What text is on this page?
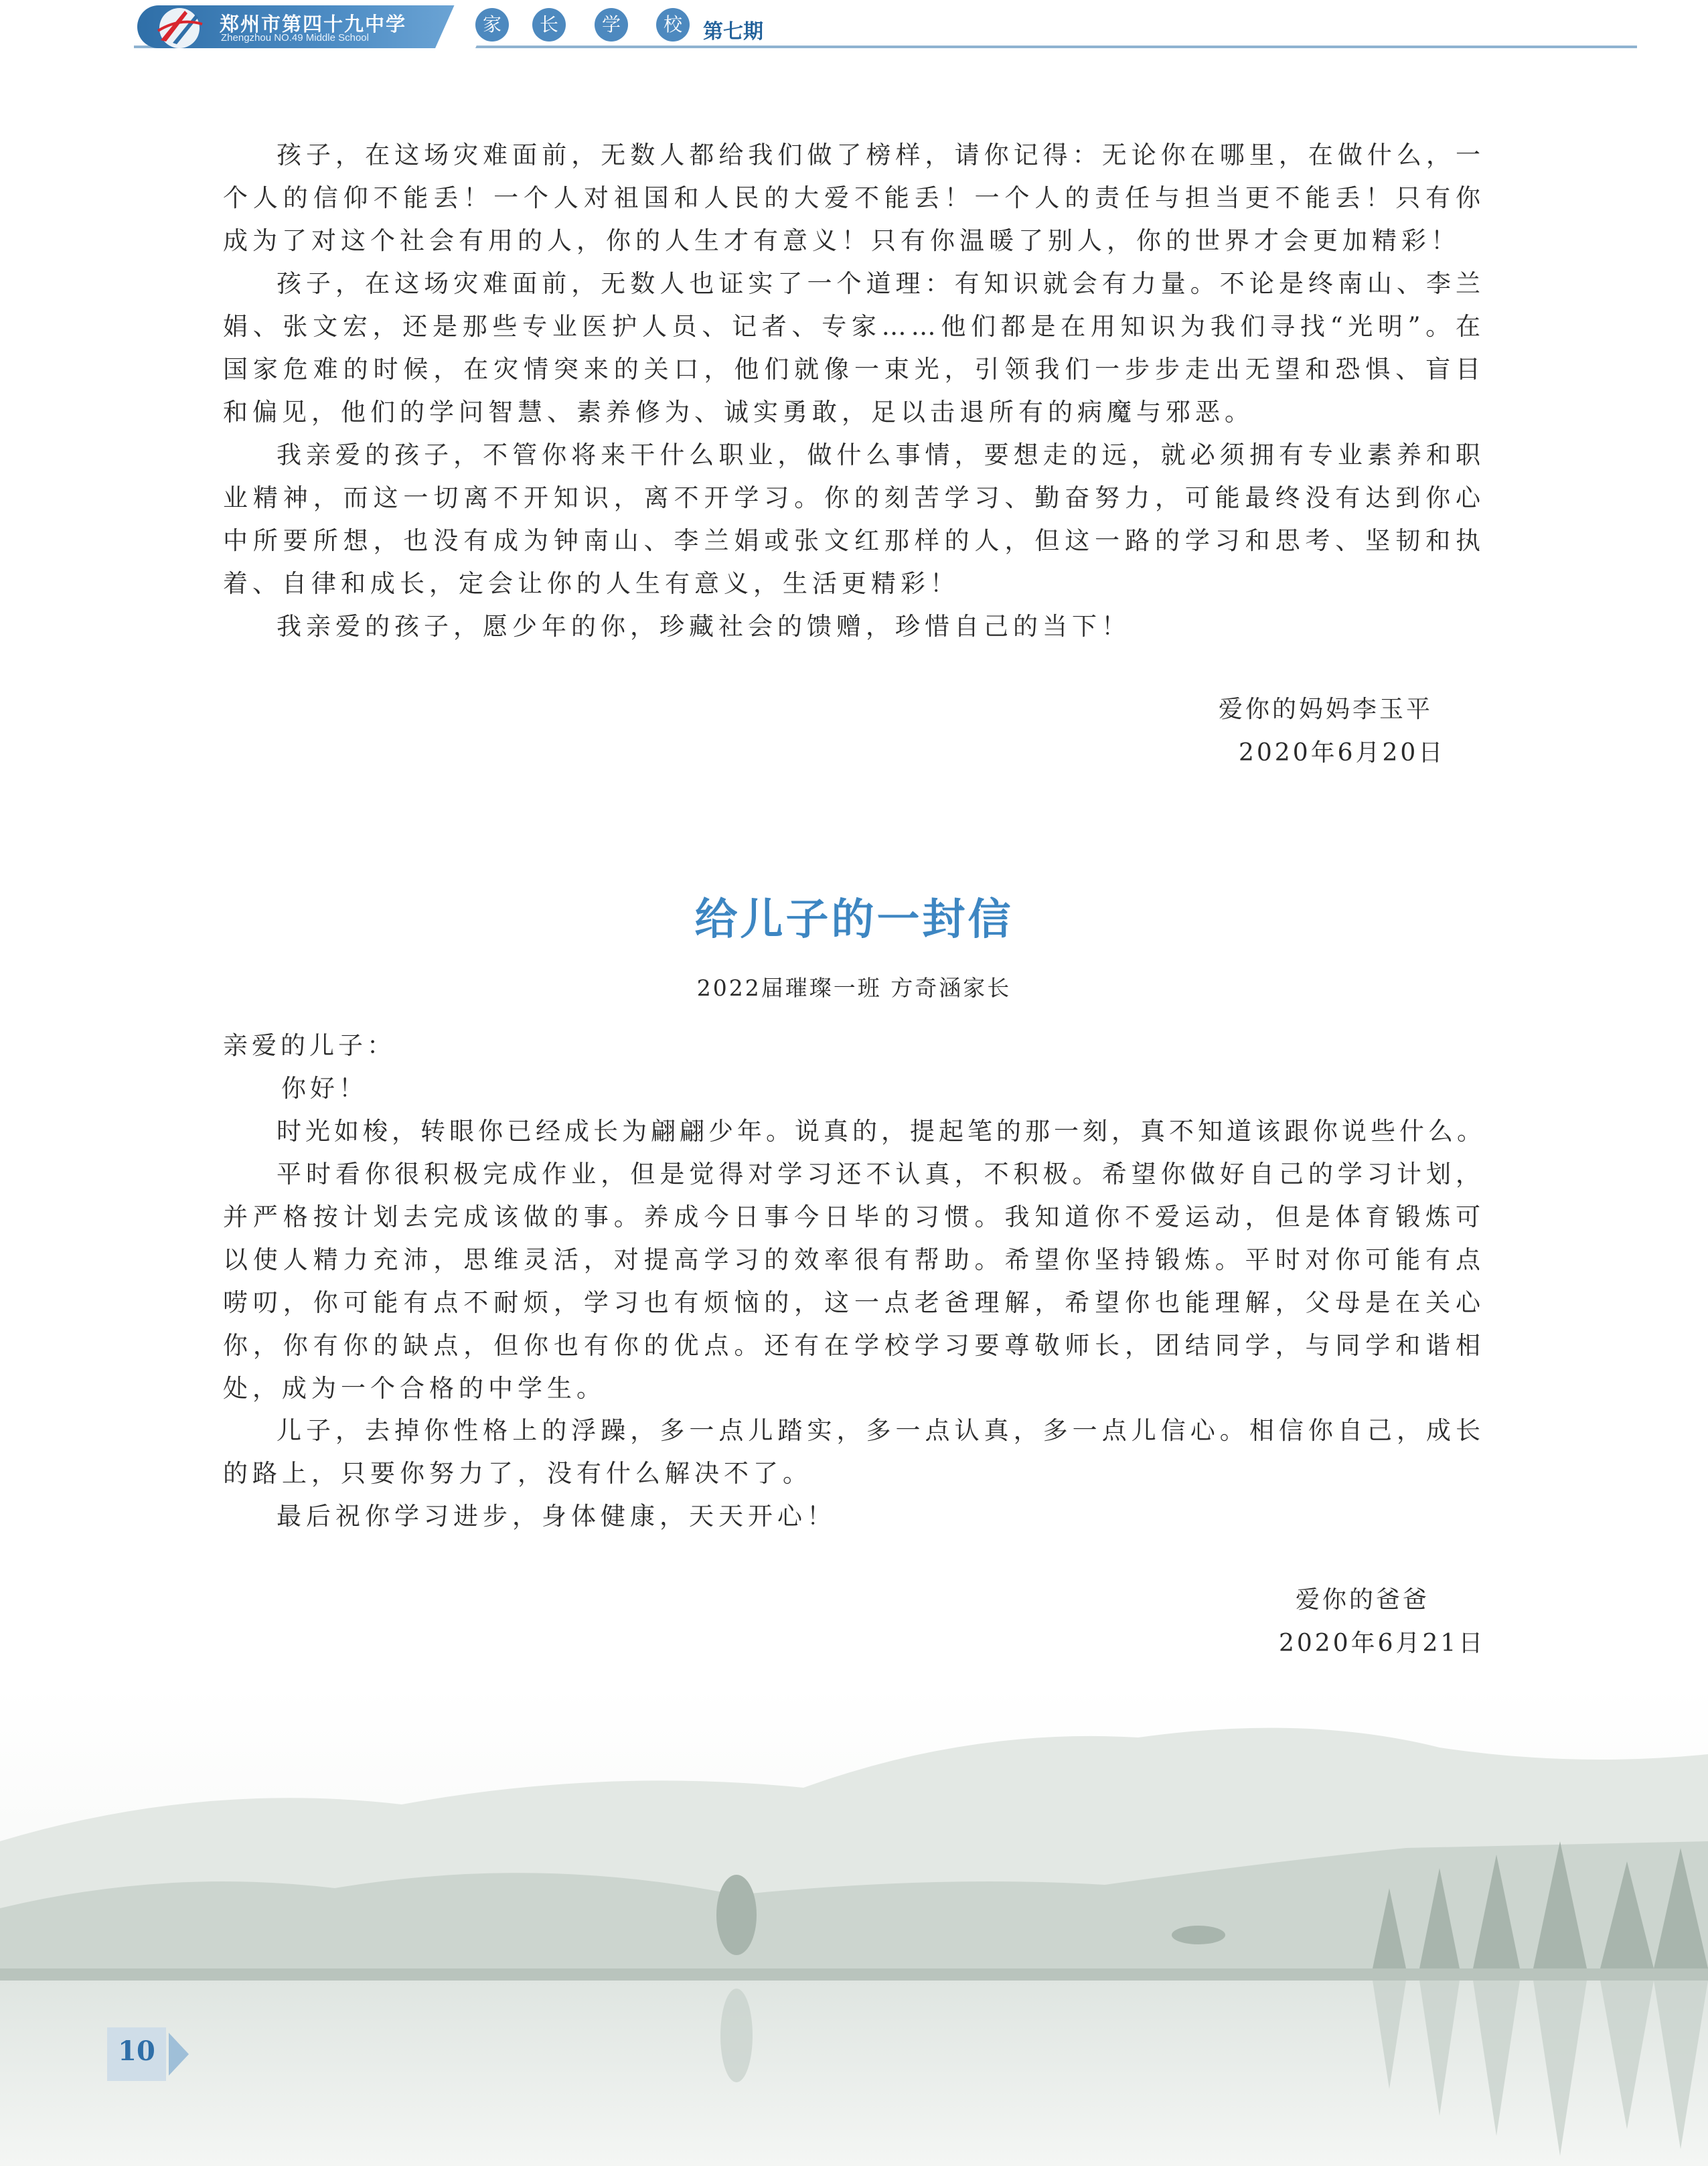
郑州市第四十九中学
Zhengzhou NO.49 Middle School
家	长	学	校	第七期

孩子，在这场灾难面前，无数人都给我们做了榜样，请你记得：无论你在哪里，在做什么，一个人的信仰不能丢！一个人对祖国和人民的大爱不能丢！一个人的责任与担当更不能丢！只有你成为了对这个社会有用的人，你的人生才有意义！只有你温暖了别人，你的世界才会更加精彩！

孩子，在这场灾难面前，无数人也证实了一个道理：有知识就会有力量。不论是终南山、李兰娟、张文宏，还是那些专业医护人员、记者、专家……他们都是在用知识为我们寻找“光明”。在国家危难的时候，在灾情突来的关口，他们就像一束光，引领我们一步步走出无望和恐惧、盲目和偏见，他们的学问智慧、素养修为、诚实勇敢，足以击退所有的病魔与邪恶。

我亲爱的孩子，不管你将来干什么职业，做什么事情，要想走的远，就必须拥有专业素养和职业精神，而这一切离不开知识，离不开学习。你的刻苦学习、勤奋努力，可能最终没有达到你心中所要所想，也没有成为钟南山、李兰娟或张文红那样的人，但这一路的学习和思考、坚韧和执着、自律和成长，定会让你的人生有意义，生活更精彩！

我亲爱的孩子，愿少年的你，珍藏社会的馈赠，珍惜自己的当下！

爱你的妈妈李玉平

2020年6月20日

给儿子的一封信

2022届璀璨一班 方奇涵家长

亲爱的儿子：

你好！

时光如梭，转眼你已经成长为翩翩少年。说真的，提起笔的那一刻，真不知道该跟你说些什么。

平时看你很积极完成作业，但是觉得对学习还不认真，不积极。希望你做好自己的学习计划，并严格按计划去完成该做的事。养成今日事今日毕的习惯。我知道你不爱运动，但是体育锻炼可以使人精力充沛，思维灵活，对提高学习的效率很有帮助。希望你坚持锻炼。平时对你可能有点唠叨，你可能有点不耐烦，学习也有烦恼的，这一点老爸理解，希望你也能理解，父母是在关心你，你有你的缺点，但你也有你的优点。还有在学校学习要尊敬师长，团结同学，与同学和谐相处，成为一个合格的中学生。

儿子，去掉你性格上的浮躁，多一点儿踏实，多一点认真，多一点儿信心。相信你自己，成长的路上，只要你努力了，没有什么解决不了。

最后祝你学习进步，身体健康，天天开心！

爱你的爸爸

2020年6月21日

10
